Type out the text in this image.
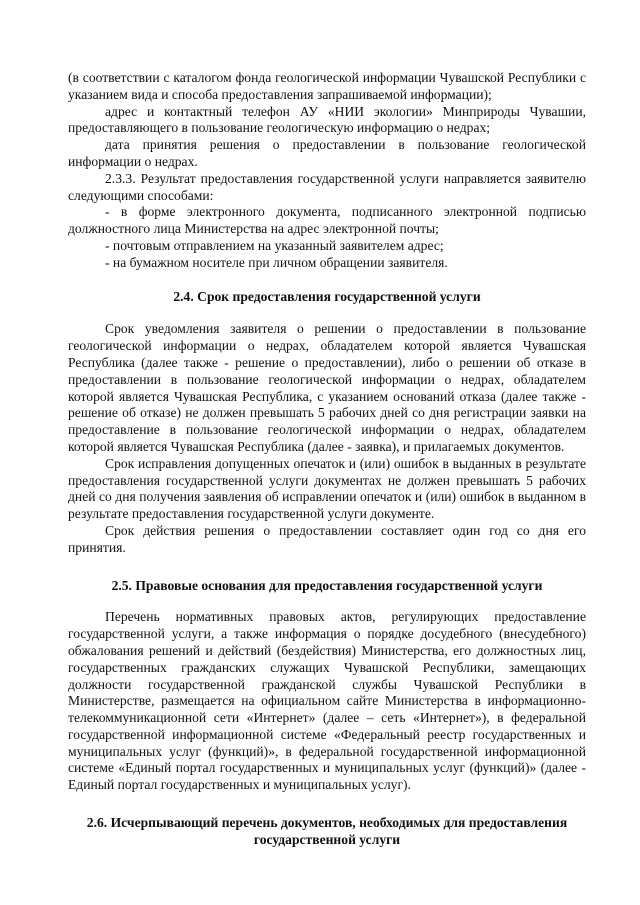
(в соответствии с каталогом фонда геологической информации Чувашской Республики с указанием вида и способа предоставления запрашиваемой информации);

адрес и контактный телефон АУ «НИИ экологии» Минприроды Чувашии, предоставляющего в пользование геологическую информацию о недрах;

дата принятия решения о предоставлении в пользование геологической информации о недрах.

2.3.3. Результат предоставления государственной услуги направляется заявителю следующими способами:

- в форме электронного документа, подписанного электронной подписью должностного лица Министерства на адрес электронной почты;

- почтовым отправлением на указанный заявителем адрес;

- на бумажном носителе при личном обращении заявителя.

2.4. Срок предоставления государственной услуги

Срок уведомления заявителя о решении о предоставлении в пользование геологической информации о недрах, обладателем которой является Чувашская Республика (далее также - решение о предоставлении), либо о решении об отказе в предоставлении в пользование геологической информации о недрах, обладателем которой является Чувашская Республика, с указанием оснований отказа (далее также - решение об отказе) не должен превышать 5 рабочих дней со дня регистрации заявки на предоставление в пользование геологической информации о недрах, обладателем которой является Чувашская Республика (далее - заявка), и прилагаемых документов.

Срок исправления допущенных опечаток и (или) ошибок в выданных в результате предоставления государственной услуги документах не должен превышать 5 рабочих дней со дня получения заявления об исправлении опечаток и (или) ошибок в выданном в результате предоставления государственной услуги документе.

Срок действия решения о предоставлении составляет один год со дня его принятия.

2.5. Правовые основания для предоставления государственной услуги

Перечень нормативных правовых актов, регулирующих предоставление государственной услуги, а также информация о порядке досудебного (внесудебного) обжалования решений и действий (бездействия) Министерства, его должностных лиц, государственных гражданских служащих Чувашской Республики, замещающих должности государственной гражданской службы Чувашской Республики в Министерстве, размещается на официальном сайте Министерства в информационно-телекоммуникационной сети «Интернет» (далее – сеть «Интернет»), в федеральной государственной информационной системе «Федеральный реестр государственных и муниципальных услуг (функций)», в федеральной государственной информационной системе «Единый портал государственных и муниципальных услуг (функций)» (далее - Единый портал государственных и муниципальных услуг).

2.6. Исчерпывающий перечень документов, необходимых для предоставления государственной услуги
